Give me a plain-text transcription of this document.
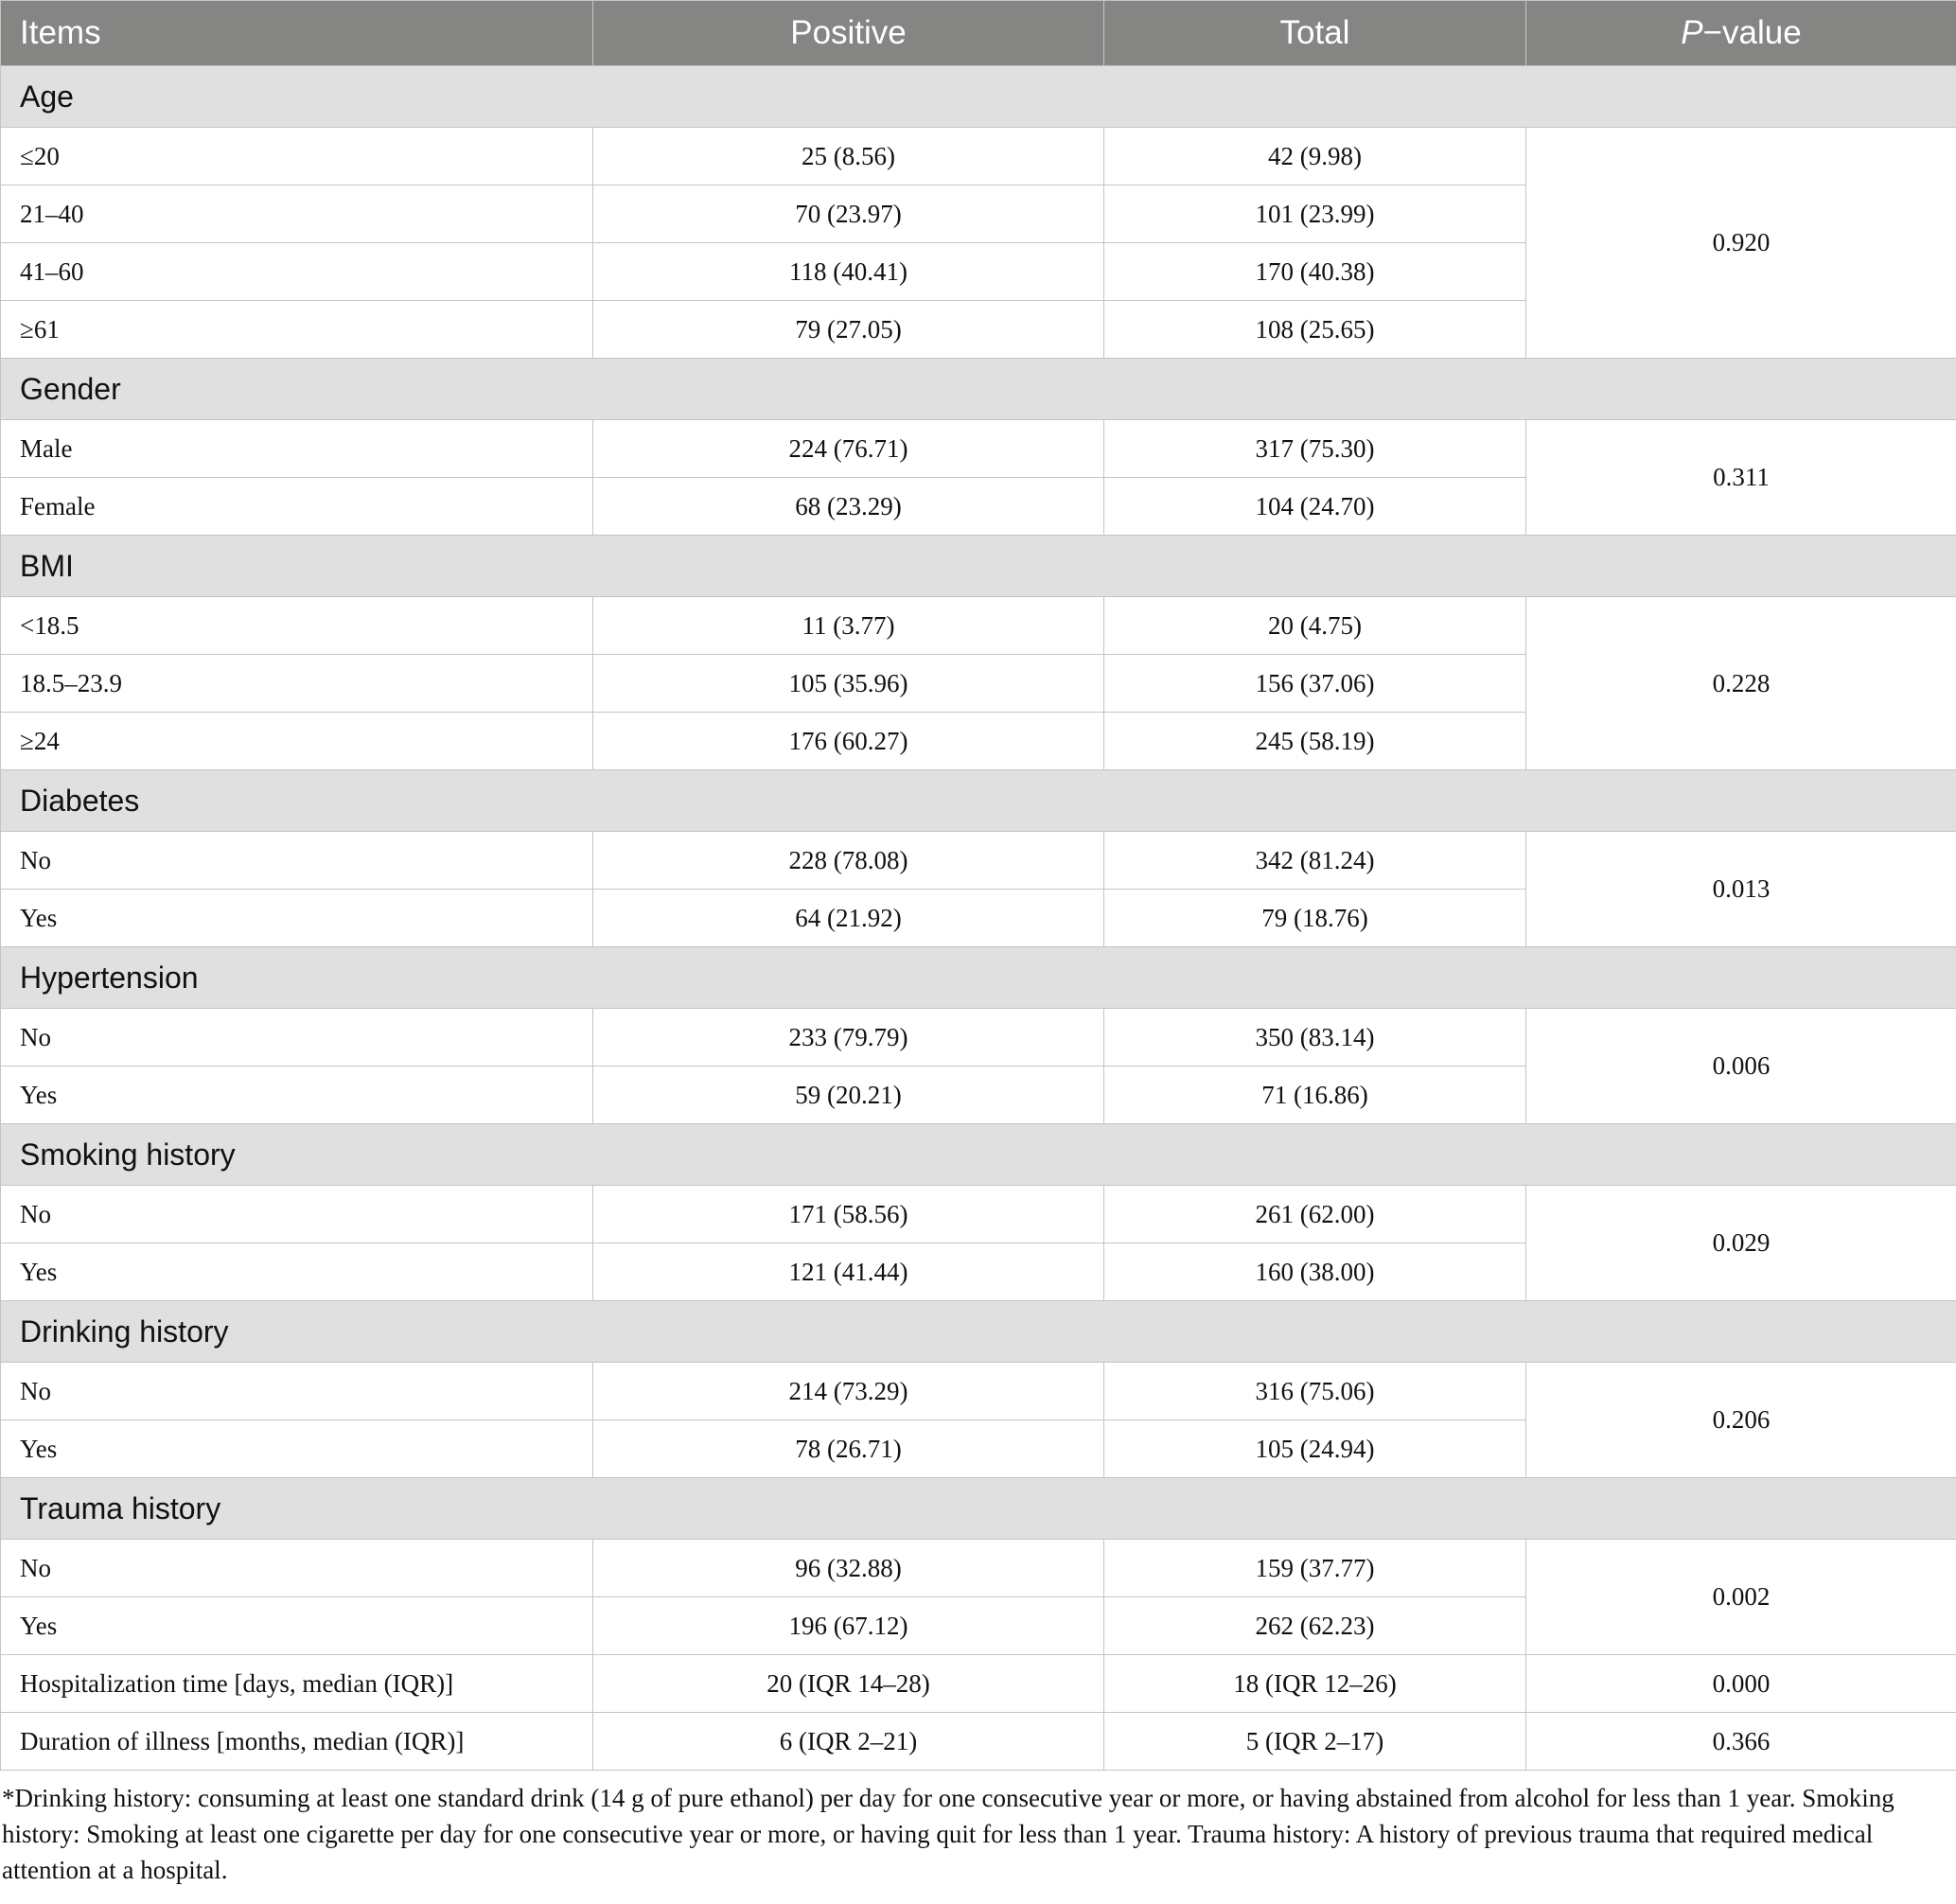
Items	Positive	Total	P−value
Age			
≤20	25 (8.56)	42 (9.98)	0.920
21–40	70 (23.97)	101 (23.99)	
41–60	118 (40.41)	170 (40.38)	
≥61	79 (27.05)	108 (25.65)	
Gender			
Male	224 (76.71)	317 (75.30)	0.311
Female	68 (23.29)	104 (24.70)	
BMI			
<18.5	11 (3.77)	20 (4.75)	0.228
18.5–23.9	105 (35.96)	156 (37.06)	
≥24	176 (60.27)	245 (58.19)	
Diabetes			
No	228 (78.08)	342 (81.24)	0.013
Yes	64 (21.92)	79 (18.76)	
Hypertension			
No	233 (79.79)	350 (83.14)	0.006
Yes	59 (20.21)	71 (16.86)	
Smoking history			
No	171 (58.56)	261 (62.00)	0.029
Yes	121 (41.44)	160 (38.00)	
Drinking history			
No	214 (73.29)	316 (75.06)	0.206
Yes	78 (26.71)	105 (24.94)	
Trauma history			
No	96 (32.88)	159 (37.77)	0.002
Yes	196 (67.12)	262 (62.23)	
Hospitalization time [days, median (IQR)]	20 (IQR 14–28)	18 (IQR 12–26)	0.000
Duration of illness [months, median (IQR)]	6 (IQR 2–21)	5 (IQR 2–17)	0.366
*Drinking history: consuming at least one standard drink (14 g of pure ethanol) per day for one consecutive year or more, or having abstained from alcohol for less than 1 year. Smoking history: Smoking at least one cigarette per day for one consecutive year or more, or having quit for less than 1 year. Trauma history: A history of previous trauma that required medical attention at a hospital.
